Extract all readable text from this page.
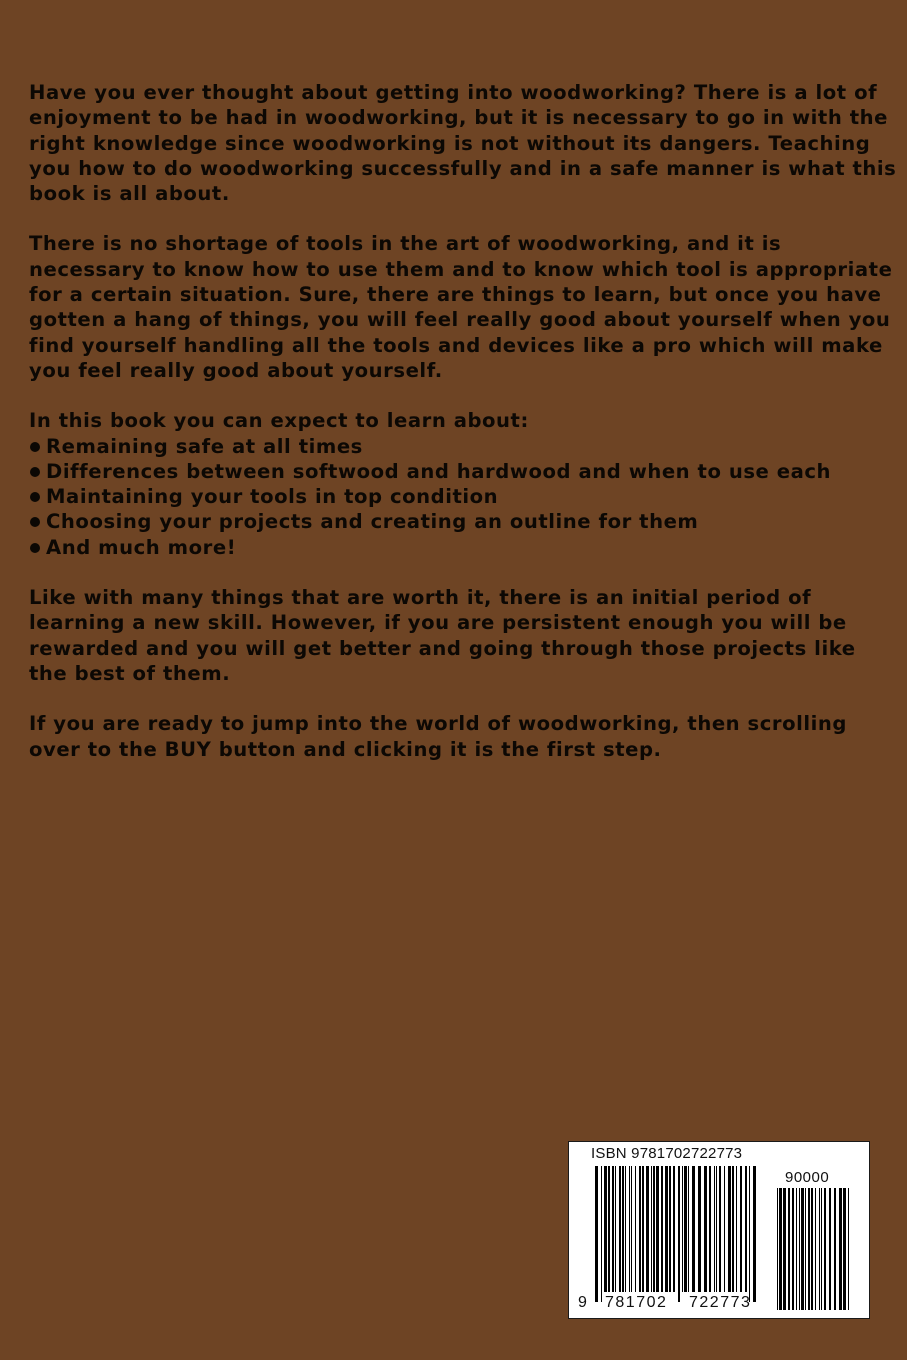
Have you ever thought about getting into woodworking? There is a lot of enjoyment to be had in woodworking, but it is necessary to go in with the right knowledge since woodworking is not without its dangers. Teaching you how to do woodworking successfully and in a safe manner is what this book is all about.

There is no shortage of tools in the art of woodworking, and it is necessary to know how to use them and to know which tool is appropriate for a certain situation. Sure, there are things to learn, but once you have gotten a hang of things, you will feel really good about yourself when you find yourself handling all the tools and devices like a pro which will make you feel really good about yourself.

In this book you can expect to learn about:
Remaining safe at all times
Differences between softwood and hardwood and when to use each
Maintaining your tools in top condition
Choosing your projects and creating an outline for them
And much more!

Like with many things that are worth it, there is an initial period of learning a new skill. However, if you are persistent enough you will be rewarded and you will get better and going through those projects like the best of them.

If you are ready to jump into the world of woodworking, then scrolling over to the BUY button and clicking it is the first step.

ISBN 9781702722773
90000
9 781702 722773
